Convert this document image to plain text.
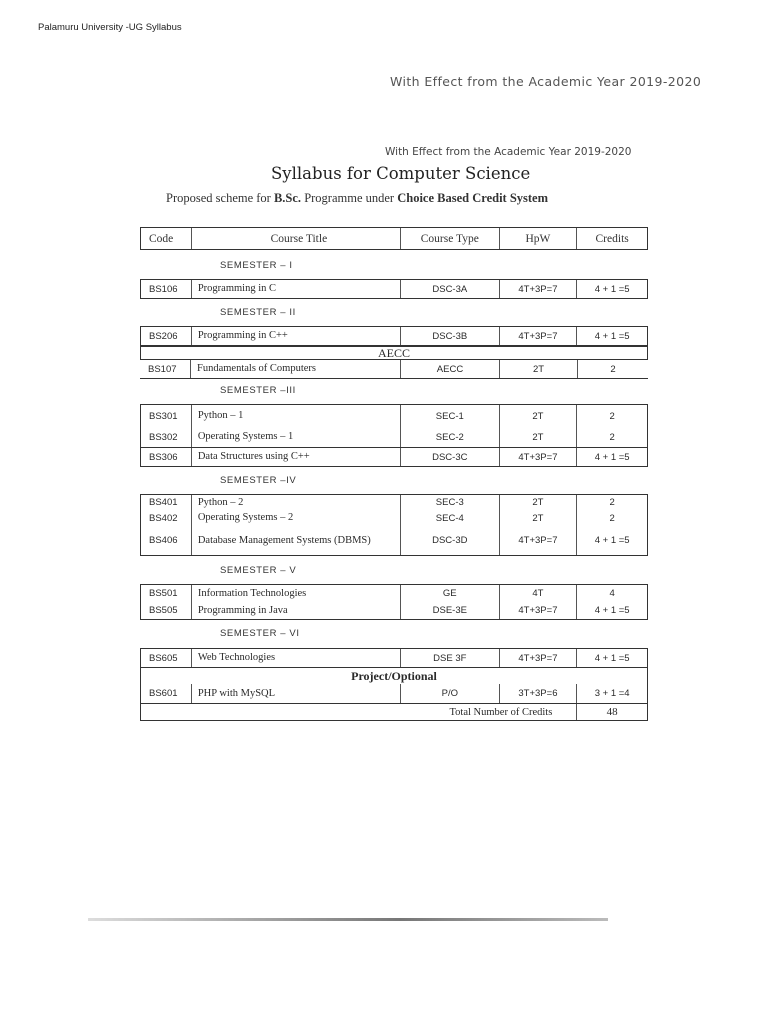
Palamuru University -UG Syllabus
With Effect from the Academic Year 2019-2020
With Effect from the Academic Year 2019-2020
Syllabus for Computer Science
Proposed scheme for B.Sc. Programme under Choice Based Credit System
Code	Course Title	Course Type	HpW	Credits
SEMESTER – I
BS106	Programming in C	DSC-3A	4T+3P=7	4 + 1 =5
SEMESTER – II
BS206	Programming in C++	DSC-3B	4T+3P=7	4 + 1 =5
AECC
BS107	Fundamentals of Computers	AECC	2T	2
SEMESTER –III
BS301	Python – 1	SEC-1	2T	2
BS302	Operating Systems – 1	SEC-2	2T	2
BS306	Data Structures using C++	DSC-3C	4T+3P=7	4 + 1 =5
SEMESTER –IV
BS401	Python – 2	SEC-3	2T	2
BS402	Operating Systems – 2	SEC-4	2T	2
BS406	Database Management Systems (DBMS)	DSC-3D	4T+3P=7	4 + 1 =5
SEMESTER – V
BS501	Information Technologies	GE	4T	4
BS505	Programming in Java	DSE-3E	4T+3P=7	4 + 1 =5
SEMESTER – VI
BS605	Web Technologies	DSE 3F	4T+3P=7	4 + 1 =5
Project/Optional
BS601	PHP with MySQL	P/O	3T+3P=6	3 + 1 =4
Total Number of Credits	48
